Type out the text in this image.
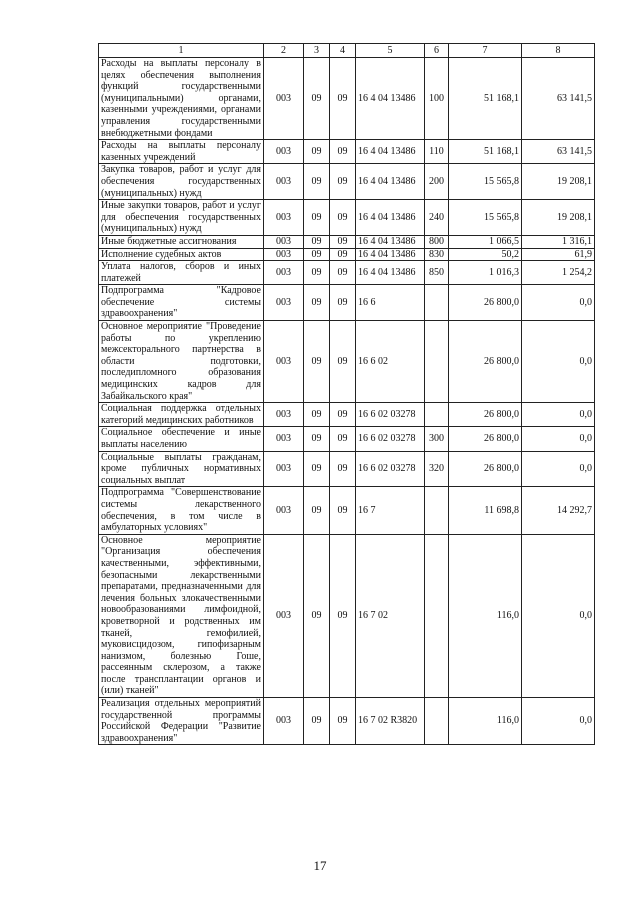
1	2	3	4	5	6	7	8
Расходы на выплаты персоналу в целях обеспечения выполнения функций государственными (муниципальными) органами, казенными учреждениями, органами управления государственными внебюджетными фондами	003	09	09	16 4 04 13486	100	51 168,1	63 141,5
Расходы на выплаты персоналу казенных учреждений	003	09	09	16 4 04 13486	110	51 168,1	63 141,5
Закупка товаров, работ и услуг для обеспечения государственных (муниципальных) нужд	003	09	09	16 4 04 13486	200	15 565,8	19 208,1
Иные закупки товаров, работ и услуг для обеспечения государственных (муниципальных) нужд	003	09	09	16 4 04 13486	240	15 565,8	19 208,1
Иные бюджетные ассигнования	003	09	09	16 4 04 13486	800	1 066,5	1 316,1
Исполнение судебных актов	003	09	09	16 4 04 13486	830	50,2	61,9
Уплата налогов, сборов и иных платежей	003	09	09	16 4 04 13486	850	1 016,3	1 254,2
Подпрограмма "Кадровое обеспечение системы здравоохранения"	003	09	09	16 6		26 800,0	0,0
Основное мероприятие "Проведение работы по укреплению межсекторального партнерства в области подготовки, последипломного образования медицинских кадров для Забайкальского края"	003	09	09	16 6 02		26 800,0	0,0
Социальная поддержка отдельных категорий медицинских работников	003	09	09	16 6 02 03278		26 800,0	0,0
Социальное обеспечение и иные выплаты населению	003	09	09	16 6 02 03278	300	26 800,0	0,0
Социальные выплаты гражданам, кроме публичных нормативных социальных выплат	003	09	09	16 6 02 03278	320	26 800,0	0,0
Подпрограмма "Совершенствование системы лекарственного обеспечения, в том числе в амбулаторных условиях"	003	09	09	16 7		11 698,8	14 292,7
Основное мероприятие "Организация обеспечения качественными, эффективными, безопасными лекарственными препаратами, предназначенными для лечения больных злокачественными новообразованиями лимфоидной, кроветворной и родственных им тканей, гемофилией, муковисцидозом, гипофизарным нанизмом, болезнью Гоше, рассеянным склерозом, а также после трансплантации органов и (или) тканей"	003	09	09	16 7 02		116,0	0,0
Реализация отдельных мероприятий государственной программы Российской Федерации "Развитие здравоохранения"	003	09	09	16 7 02 R3820		116,0	0,0
17
